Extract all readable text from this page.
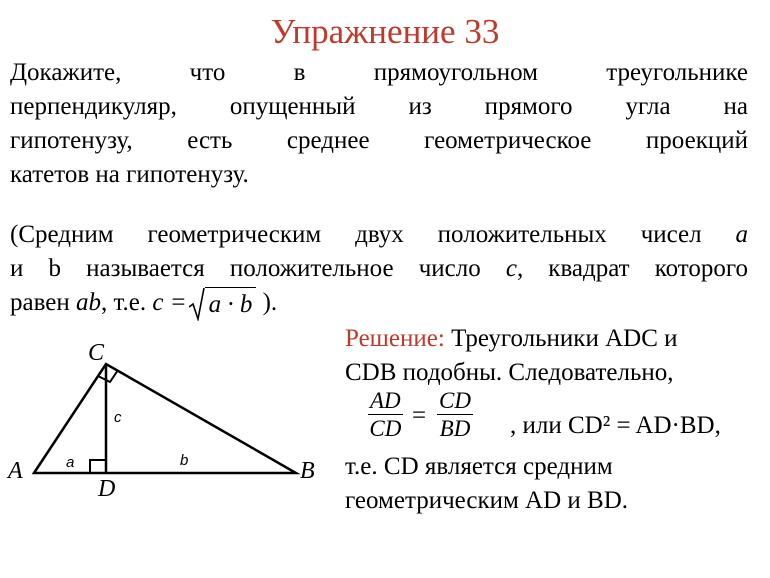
Упражнение 33
Докажите, что в прямоугольном треугольнике
перпендикуляр, опущенный из прямого угла на
гипотенузу, есть среднее геометрическое проекций
катетов на гипотенузу.
(Средним геометрическим двух положительных чисел a
и b называется положительное число c, квадрат которого
равен ab, т.е. c = a · b ).
A	B
C
D
a	b
c
Решение: Треугольники ADC и
CDB подобны. Следовательно,
$\frac{AD}{CD} = \frac{CD}{BD}$ , или CD² = AD·BD,
т.е. CD является средним
геометрическим AD и BD.
